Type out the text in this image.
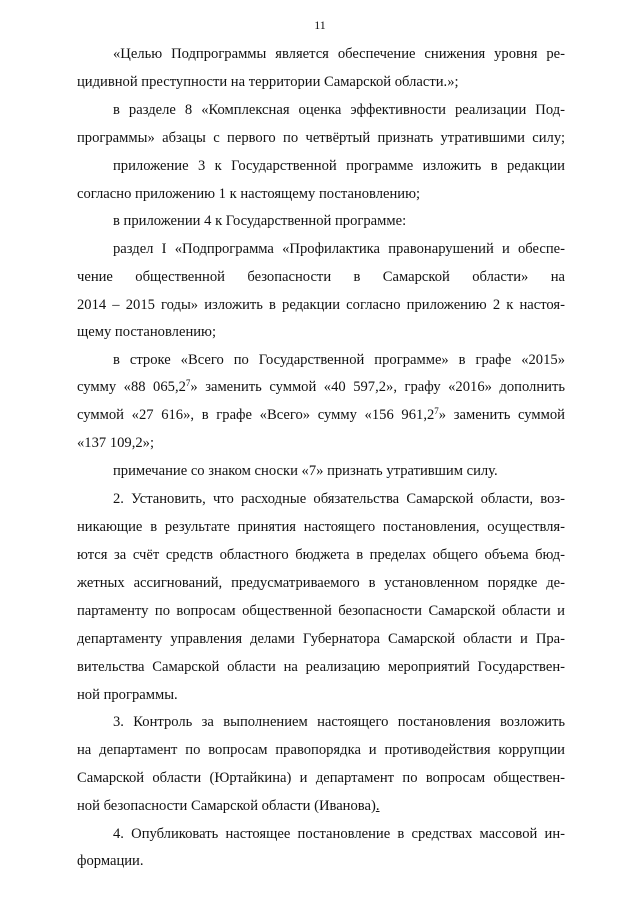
11

«Целью Подпрограммы является обеспечение снижения уровня ре-

цидивной преступности на территории Самарской области.»;

в разделе 8 «Комплексная оценка эффективности реализации Под-

программы» абзацы с первого по четвёртый признать утратившими силу;

приложение 3 к Государственной программе изложить в редакции

согласно приложению 1 к настоящему постановлению;

в приложении 4 к Государственной программе:

раздел I «Подпрограмма «Профилактика правонарушений и обеспе-

чение общественной безопасности в Самарской области» на

2014 – 2015 годы» изложить в редакции согласно приложению 2 к настоя-

щему постановлению;

в строке «Всего по Государственной программе» в графе «2015»

сумму «88 065,2$^7$» заменить суммой «40 597,2», графу «2016» дополнить

суммой «27 616», в графе «Всего» сумму «156 961,2$^7$» заменить суммой

«137 109,2»;

примечание со знаком сноски «7» признать утратившим силу.

2. Установить, что расходные обязательства Самарской области, воз-

никающие в результате принятия настоящего постановления, осуществля-

ются за счёт средств областного бюджета в пределах общего объема бюд-

жетных ассигнований, предусматриваемого в установленном порядке де-

партаменту по вопросам общественной безопасности Самарской области и

департаменту управления делами Губернатора Самарской области и Пра-

вительства Самарской области на реализацию мероприятий Государствен-

ной программы.

3. Контроль за выполнением настоящего постановления возложить

на департамент по вопросам правопорядка и противодействия коррупции

Самарской области (Юртайкина) и департамент по вопросам обществен-

ной безопасности Самарской области (Иванова).

4. Опубликовать настоящее постановление в средствах массовой ин-

формации.
